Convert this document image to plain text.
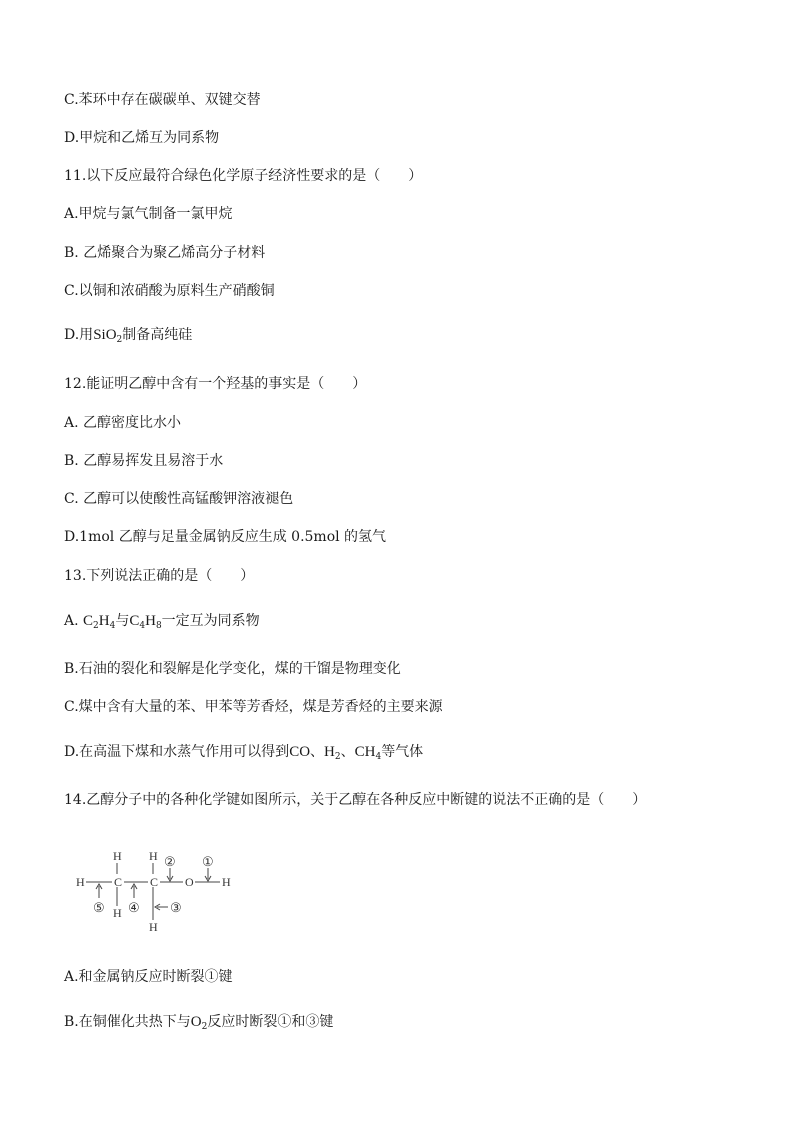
C.苯环中存在碳碳单、双键交替
D.甲烷和乙烯互为同系物
11.以下反应最符合绿色化学原子经济性要求的是（　　）
A.甲烷与氯气制备一氯甲烷
B. 乙烯聚合为聚乙烯高分子材料
C.以铜和浓硝酸为原料生产硝酸铜
D.用SiO$_2$制备高纯硅
12.能证明乙醇中含有一个羟基的事实是（　　）
A. 乙醇密度比水小
B. 乙醇易挥发且易溶于水
C. 乙醇可以使酸性高锰酸钾溶液褪色
D.1mol 乙醇与足量金属钠反应生成 0.5mol 的氢气
13.下列说法正确的是（　　）
A. $C_2H_4$与$C_4H_8$一定互为同系物
B.石油的裂化和裂解是化学变化，煤的干馏是物理变化
C.煤中含有大量的苯、甲苯等芳香烃，煤是芳香烃的主要来源
D.在高温下煤和水蒸气作用可以得到CO、$H_2$、$CH_4$等气体
14.乙醇分子中的各种化学键如图所示，关于乙醇在各种反应中断键的说法不正确的是（　　）
H C C O H
H
H
H
H
①
②
③
④
⑤
A.和金属钠反应时断裂①键
B.在铜催化共热下与$O_2$反应时断裂①和③键
